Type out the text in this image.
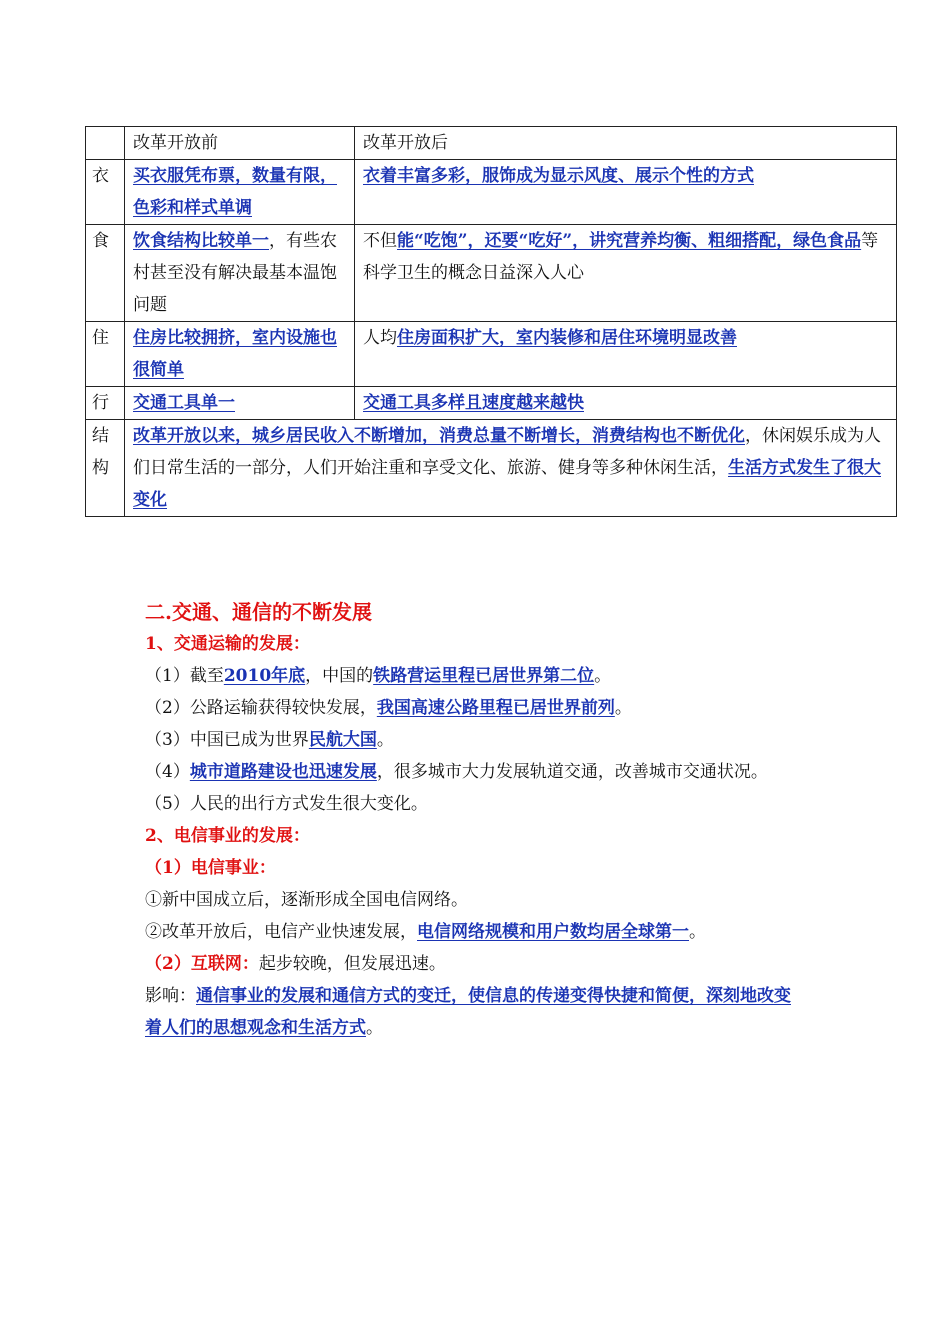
	改革开放前	改革开放后
衣	买衣服凭布票，数量有限，色彩和样式单调	衣着丰富多彩，服饰成为显示风度、展示个性的方式
食	饮食结构比较单一，有些农村甚至没有解决最基本温饱问题	不但能“吃饱”，还要“吃好”，讲究营养均衡、粗细搭配，绿色食品等科学卫生的概念日益深入人心
住	住房比较拥挤，室内设施也很简单	人均住房面积扩大，室内装修和居住环境明显改善
行	交通工具单一	交通工具多样且速度越来越快
结构	改革开放以来，城乡居民收入不断增加，消费总量不断增长，消费结构也不断优化，休闲娱乐成为人们日常生活的一部分，人们开始注重和享受文化、旅游、健身等多种休闲生活，生活方式发生了很大变化	

二.交通、通信的不断发展

1、交通运输的发展：

（1）截至2010年底，中国的铁路营运里程已居世界第二位。

（2）公路运输获得较快发展，我国高速公路里程已居世界前列。

（3）中国已成为世界民航大国。

（4）城市道路建设也迅速发展，很多城市大力发展轨道交通，改善城市交通状况。

（5）人民的出行方式发生很大变化。

2、电信事业的发展：

（1）电信事业：

①新中国成立后，逐渐形成全国电信网络。

②改革开放后，电信产业快速发展，电信网络规模和用户数均居全球第一。

（2）互联网：起步较晚，但发展迅速。

影响：通信事业的发展和通信方式的变迁，使信息的传递变得快捷和简便，深刻地改变着人们的思想观念和生活方式。
